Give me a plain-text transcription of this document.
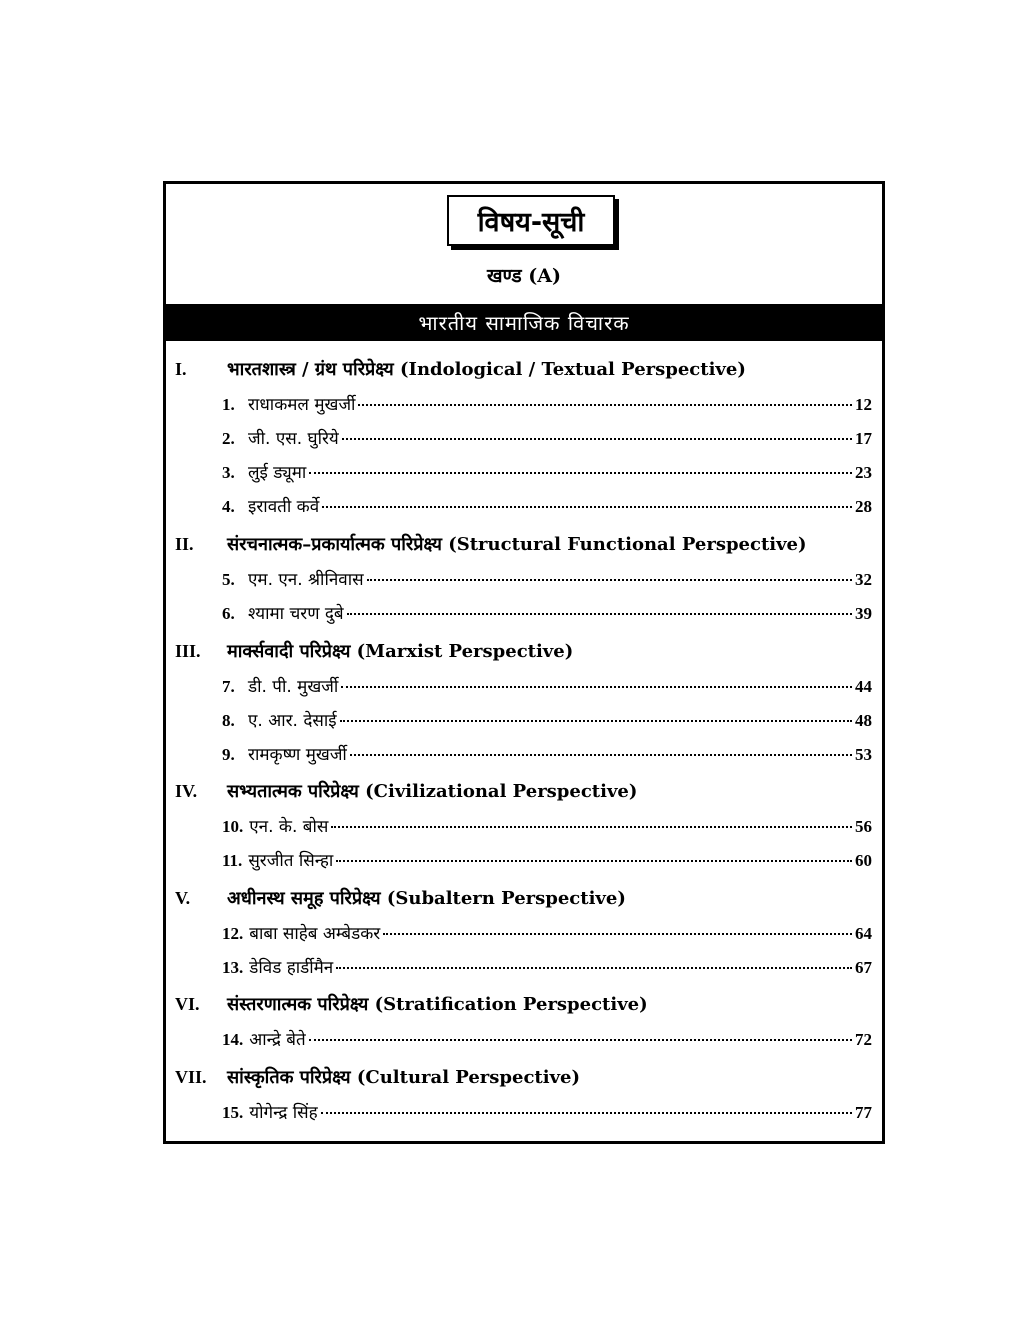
विषय-सूची
खण्ड (A)
भारतीय सामाजिक विचारक
I.	भारतशास्त्र / ग्रंथ परिप्रेक्ष्य (Indological / Textual Perspective)
1. राधाकमल मुखर्जी	12
2. जी. एस. घुरिये	17
3. लुई ड्यूमा	23
4. इरावती कर्वे	28
II.	संरचनात्मक–प्रकार्यात्मक परिप्रेक्ष्य (Structural Functional Perspective)
5. एम. एन. श्रीनिवास	32
6. श्यामा चरण दुबे	39
III.	मार्क्सवादी परिप्रेक्ष्य (Marxist Perspective)
7. डी. पी. मुखर्जी	44
8. ए. आर. देसाई	48
9. रामकृष्ण मुखर्जी	53
IV.	सभ्यतात्मक परिप्रेक्ष्य (Civilizational Perspective)
10. एन. के. बोस	56
11. सुरजीत सिन्हा	60
V.	अधीनस्थ समूह परिप्रेक्ष्य (Subaltern Perspective)
12. बाबा साहेब अम्बेडकर	64
13. डेविड हार्डीमैन	67
VI.	संस्तरणात्मक परिप्रेक्ष्य (Stratification Perspective)
14. आन्द्रे बेते	72
VII.	सांस्कृतिक परिप्रेक्ष्य (Cultural Perspective)
15. योगेन्द्र सिंह	77
